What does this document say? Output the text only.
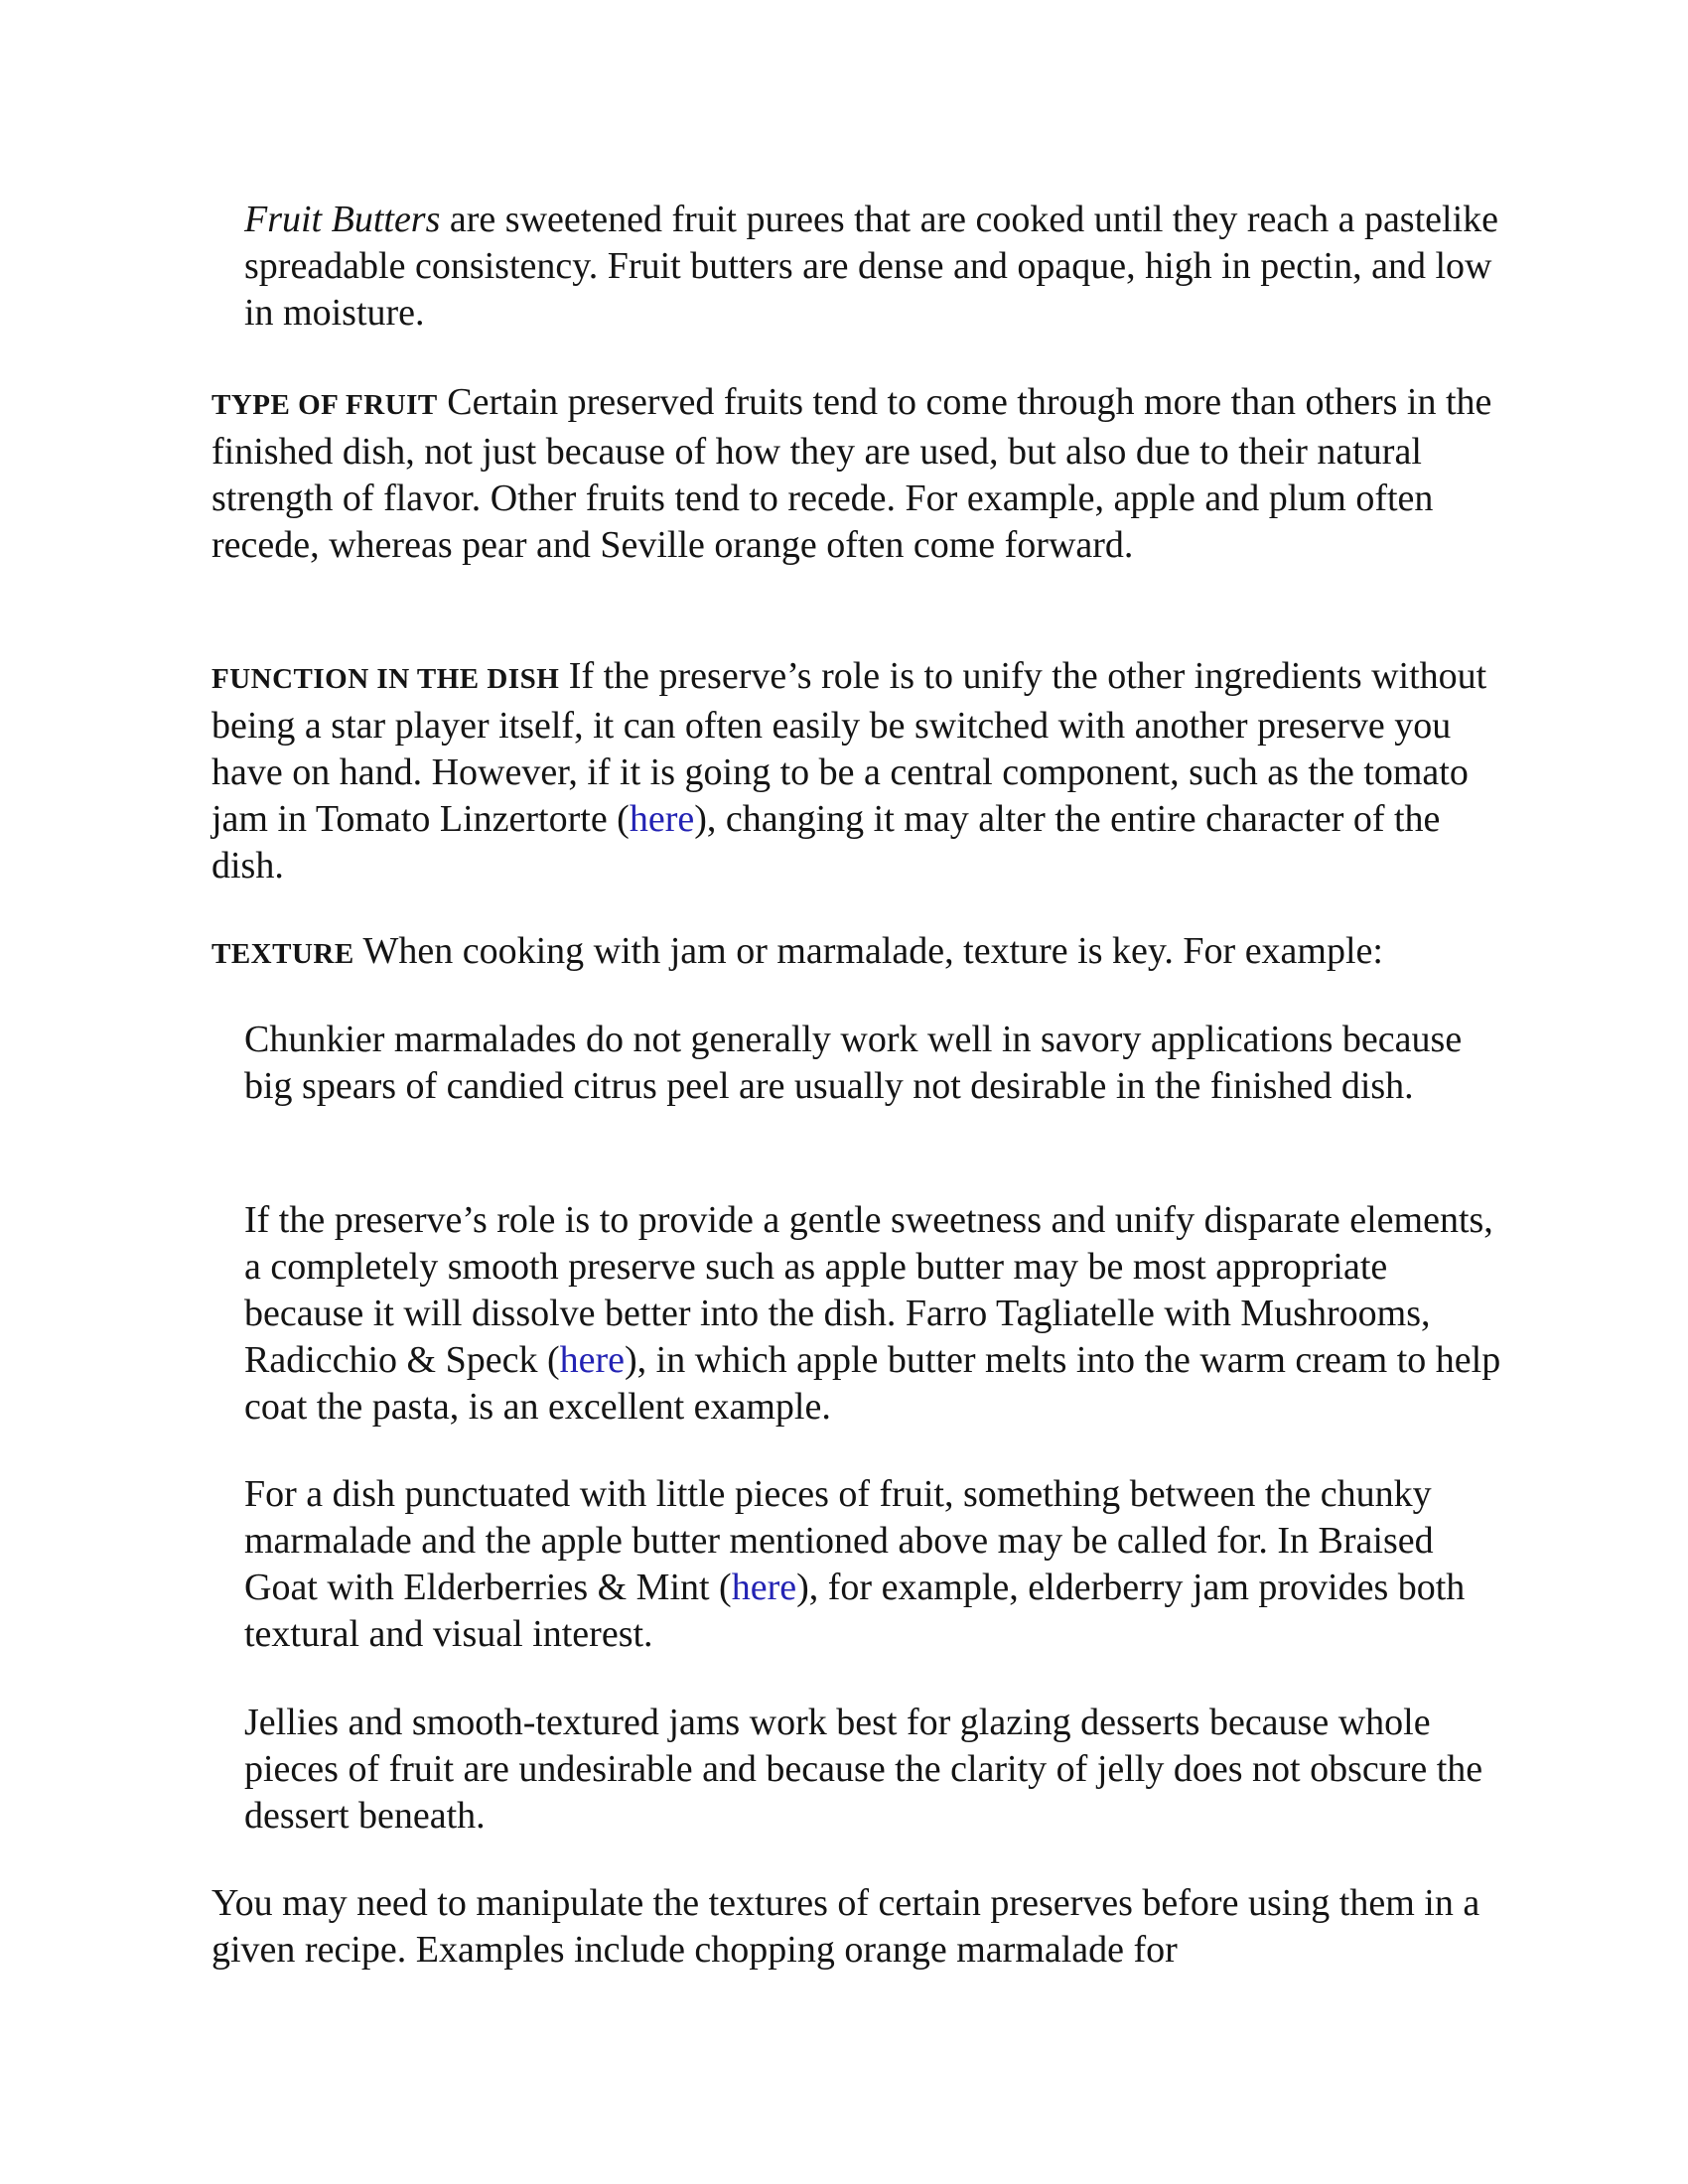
Fruit Butters are sweetened fruit purees that are cooked until they reach a pastelike spreadable consistency. Fruit butters are dense and opaque, high in pectin, and low in moisture.

TYPE OF FRUIT Certain preserved fruits tend to come through more than others in the finished dish, not just because of how they are used, but also due to their natural strength of flavor. Other fruits tend to recede. For example, apple and plum often recede, whereas pear and Seville orange often come forward.

FUNCTION IN THE DISH If the preserve’s role is to unify the other ingredients without being a star player itself, it can often easily be switched with another preserve you have on hand. However, if it is going to be a central component, such as the tomato jam in Tomato Linzertorte (here), changing it may alter the entire character of the dish.

TEXTURE When cooking with jam or marmalade, texture is key. For example:

Chunkier marmalades do not generally work well in savory applications because big spears of candied citrus peel are usually not desirable in the finished dish.

If the preserve’s role is to provide a gentle sweetness and unify disparate elements, a completely smooth preserve such as apple butter may be most appropriate because it will dissolve better into the dish. Farro Tagliatelle with Mushrooms, Radicchio & Speck (here), in which apple butter melts into the warm cream to help coat the pasta, is an excellent example.

For a dish punctuated with little pieces of fruit, something between the chunky marmalade and the apple butter mentioned above may be called for. In Braised Goat with Elderberries & Mint (here), for example, elderberry jam provides both textural and visual interest.

Jellies and smooth-textured jams work best for glazing desserts because whole pieces of fruit are undesirable and because the clarity of jelly does not obscure the dessert beneath.

You may need to manipulate the textures of certain preserves before using them in a given recipe. Examples include chopping orange marmalade for
